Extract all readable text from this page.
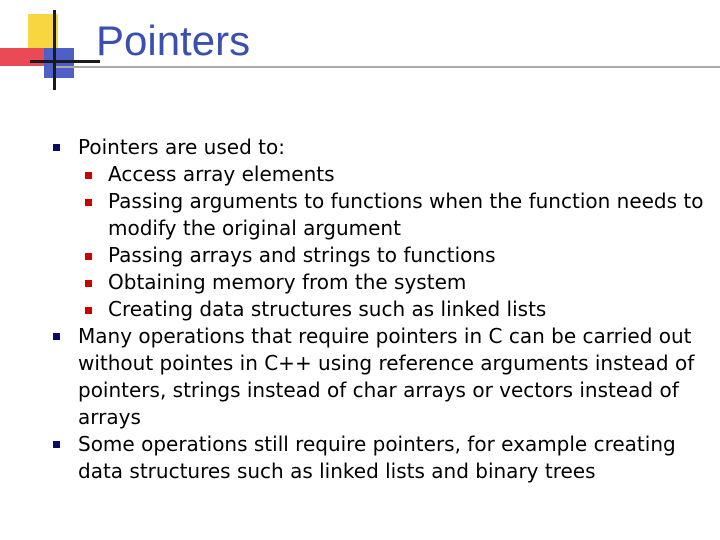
Pointers
Pointers are used to:
Access array elements
Passing arguments to functions when the function needs to modify the original argument
Passing arrays and strings to functions
Obtaining memory from the system
Creating data structures such as linked lists
Many operations that require pointers in C can be carried out without pointes in C++ using reference arguments instead of pointers, strings instead of char arrays or vectors instead of arrays
Some operations still require pointers, for example creating data structures such as linked lists and binary trees
